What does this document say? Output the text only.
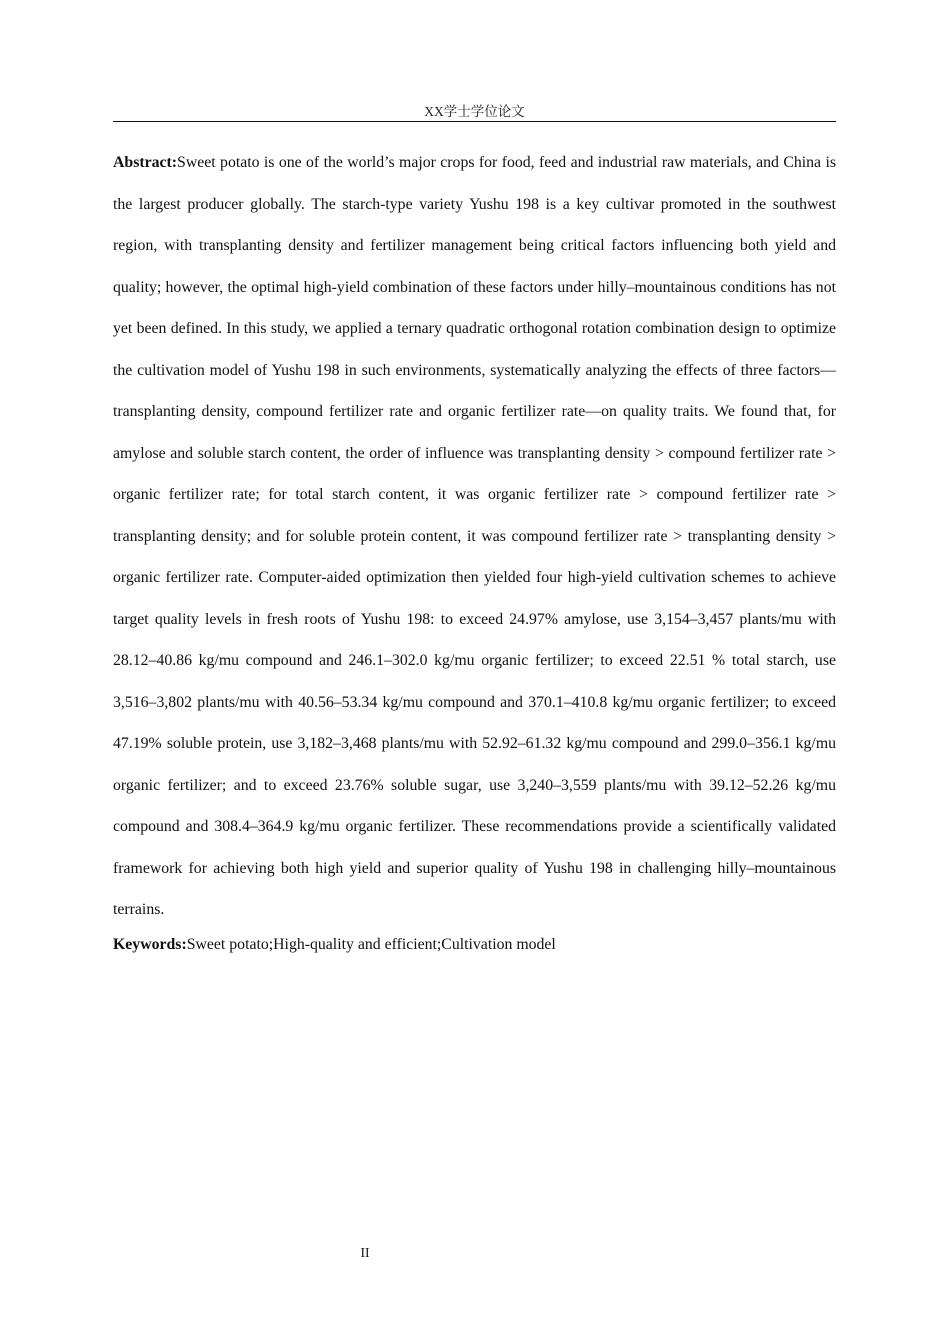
XX学士学位论文

Abstract:Sweet potato is one of the world’s major crops for food, feed and industrial raw materials, and China is the largest producer globally. The starch-type variety Yushu 198 is a key cultivar promoted in the southwest region, with transplanting density and fertilizer management being critical factors influencing both yield and quality; however, the optimal high-yield combination of these factors under hilly–mountainous conditions has not yet been defined. In this study, we applied a ternary quadratic orthogonal rotation combination design to optimize the cultivation model of Yushu 198 in such environments, systematically analyzing the effects of three factors—transplanting density, compound fertilizer rate and organic fertilizer rate—on quality traits. We found that, for amylose and soluble starch content, the order of influence was transplanting density > compound fertilizer rate > organic fertilizer rate; for total starch content, it was organic fertilizer rate > compound fertilizer rate > transplanting density; and for soluble protein content, it was compound fertilizer rate > transplanting density > organic fertilizer rate. Computer-aided optimization then yielded four high-yield cultivation schemes to achieve target quality levels in fresh roots of Yushu 198: to exceed 24.97% amylose, use 3,154–3,457 plants/mu with 28.12–40.86 kg/mu compound and 246.1–302.0 kg/mu organic fertilizer; to exceed 22.51 % total starch, use 3,516–3,802 plants/mu with 40.56–53.34 kg/mu compound and 370.1–410.8 kg/mu organic fertilizer; to exceed 47.19% soluble protein, use 3,182–3,468 plants/mu with 52.92–61.32 kg/mu compound and 299.0–356.1 kg/mu organic fertilizer; and to exceed 23.76% soluble sugar, use 3,240–3,559 plants/mu with 39.12–52.26 kg/mu compound and 308.4–364.9 kg/mu organic fertilizer. These recommendations provide a scientifically validated framework for achieving both high yield and superior quality of Yushu 198 in challenging hilly–mountainous terrains.

Keywords:Sweet potato;High-quality and efficient;Cultivation model

II
